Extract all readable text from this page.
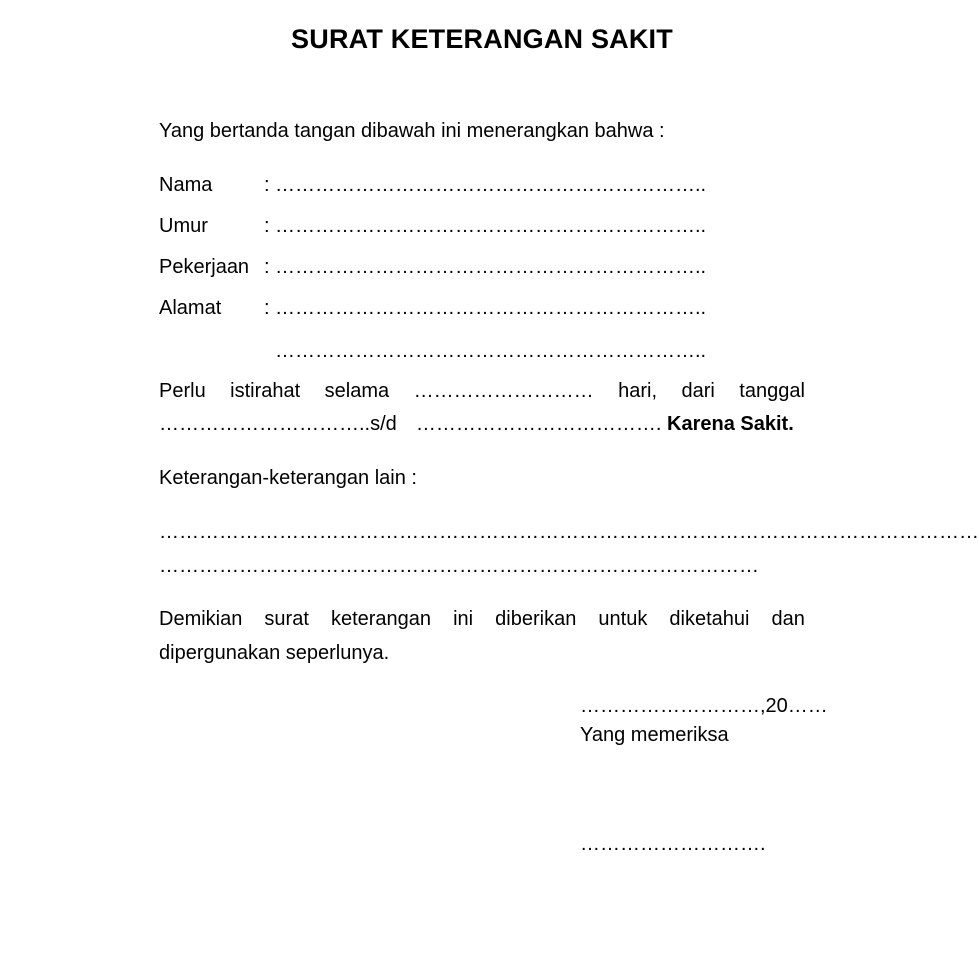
SURAT KETERANGAN SAKIT
Yang bertanda tangan dibawah ini menerangkan bahwa :
Nama	: ………………………………………………………..
Umur	: ………………………………………………………..
Pekerjaan : ………………………………………………………..
Alamat : ………………………………………………………..
………………………………………………………..
Perlu istirahat selama ……………………… hari, dari tanggal
…………………………..s/d ………………………………. Karena Sakit.
Keterangan-keterangan lain :
……………………………………………………………………………………………………………
………………………………………………………………………………
Demikian surat keterangan ini diberikan untuk diketahui dan
dipergunakan seperlunya.
………………………,20……
Yang memeriksa
……………………….
